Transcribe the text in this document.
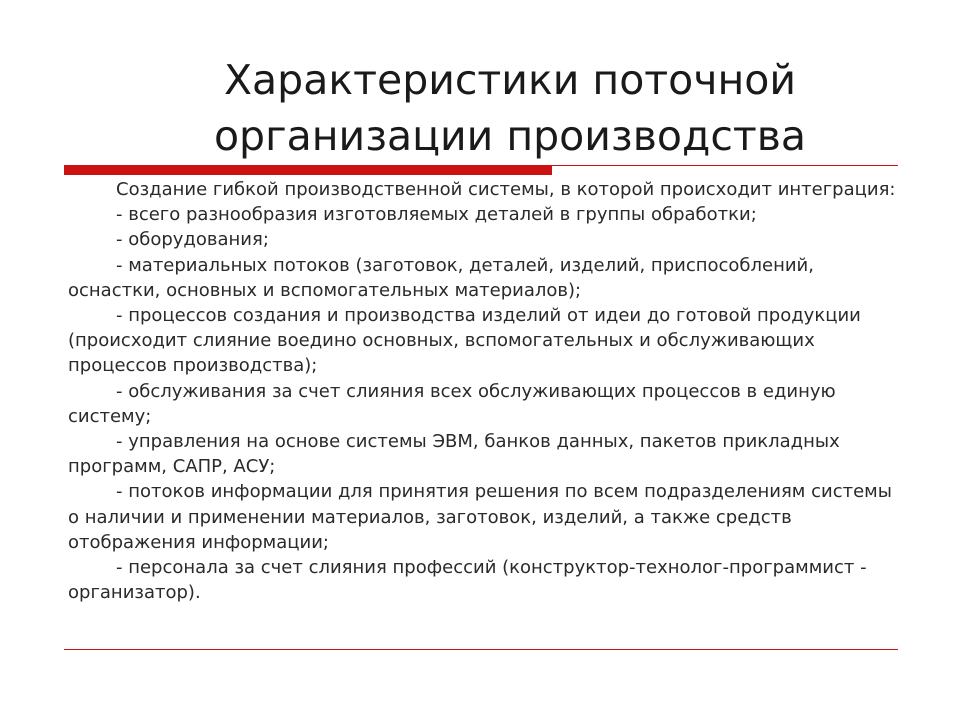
Характеристики поточной
организации производства

Создание гибкой производственной системы, в которой происходит интеграция:

- всего разнообразия изготовляемых деталей в группы обработки;

- оборудования;

- материальных потоков (заготовок, деталей, изделий, приспособлений, оснастки, основных и вспомогательных материалов);

- процессов создания и производства изделий от идеи до готовой продукции (происходит слияние воедино основных, вспомогательных и обслуживающих процессов производства);

- обслуживания за счет слияния всех обслуживающих процессов в единую систему;

- управления на основе системы ЭВМ, банков данных, пакетов прикладных программ, САПР, АСУ;

- потоков информации для принятия решения по всем подразделениям системы о наличии и применении материалов, заготовок, изделий, а также средств отображения информации;

- персонала за счет слияния профессий (конструктор-технолог-программист - организатор).
